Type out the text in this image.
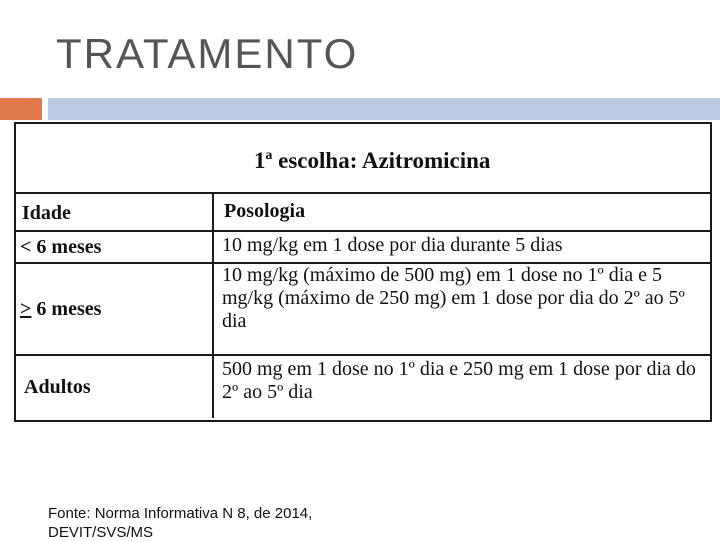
TRATAMENTO
1ª escolha: Azitromicina
Idade	Posologia
< 6 meses	10 mg/kg em 1 dose por dia durante 5 dias
≥ 6 meses
10 mg/kg (máximo de 500 mg) em 1 dose no 1º dia e 5
mg/kg (máximo de 250 mg) em 1 dose por dia do 2º ao 5º
dia
Adultos
500 mg em 1 dose no 1º dia e 250 mg em 1 dose por dia do
2º ao 5º dia
Fonte: Norma Informativa N 8, de 2014,
DEVIT/SVS/MS
